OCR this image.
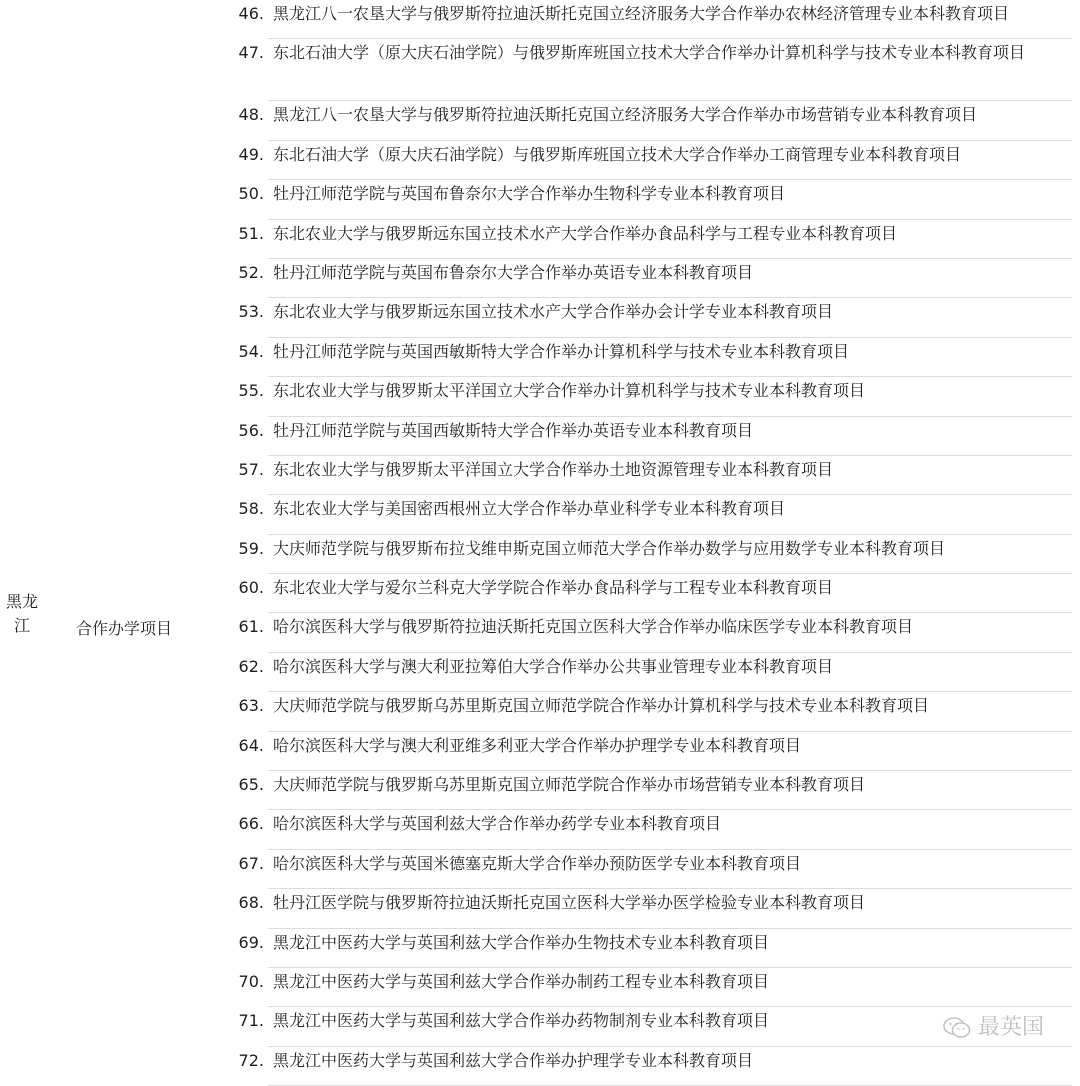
黑龙江	合作办学项目
46. 黑龙江八一农垦大学与俄罗斯符拉迪沃斯托克国立经济服务大学合作举办农林经济管理专业本科教育项目
47. 东北石油大学（原大庆石油学院）与俄罗斯库班国立技术大学合作举办计算机科学与技术专业本科教育项目
48. 黑龙江八一农垦大学与俄罗斯符拉迪沃斯托克国立经济服务大学合作举办市场营销专业本科教育项目
49. 东北石油大学（原大庆石油学院）与俄罗斯库班国立技术大学合作举办工商管理专业本科教育项目
50. 牡丹江师范学院与英国布鲁奈尔大学合作举办生物科学专业本科教育项目
51. 东北农业大学与俄罗斯远东国立技术水产大学合作举办食品科学与工程专业本科教育项目
52. 牡丹江师范学院与英国布鲁奈尔大学合作举办英语专业本科教育项目
53. 东北农业大学与俄罗斯远东国立技术水产大学合作举办会计学专业本科教育项目
54. 牡丹江师范学院与英国西敏斯特大学合作举办计算机科学与技术专业本科教育项目
55. 东北农业大学与俄罗斯太平洋国立大学合作举办计算机科学与技术专业本科教育项目
56. 牡丹江师范学院与英国西敏斯特大学合作举办英语专业本科教育项目
57. 东北农业大学与俄罗斯太平洋国立大学合作举办土地资源管理专业本科教育项目
58. 东北农业大学与美国密西根州立大学合作举办草业科学专业本科教育项目
59. 大庆师范学院与俄罗斯布拉戈维申斯克国立师范大学合作举办数学与应用数学专业本科教育项目
60. 东北农业大学与爱尔兰科克大学学院合作举办食品科学与工程专业本科教育项目
61. 哈尔滨医科大学与俄罗斯符拉迪沃斯托克国立医科大学合作举办临床医学专业本科教育项目
62. 哈尔滨医科大学与澳大利亚拉筹伯大学合作举办公共事业管理专业本科教育项目
63. 大庆师范学院与俄罗斯乌苏里斯克国立师范学院合作举办计算机科学与技术专业本科教育项目
64. 哈尔滨医科大学与澳大利亚维多利亚大学合作举办护理学专业本科教育项目
65. 大庆师范学院与俄罗斯乌苏里斯克国立师范学院合作举办市场营销专业本科教育项目
66. 哈尔滨医科大学与英国利兹大学合作举办药学专业本科教育项目
67. 哈尔滨医科大学与英国米德塞克斯大学合作举办预防医学专业本科教育项目
68. 牡丹江医学院与俄罗斯符拉迪沃斯托克国立医科大学举办医学检验专业本科教育项目
69. 黑龙江中医药大学与英国利兹大学合作举办生物技术专业本科教育项目
70. 黑龙江中医药大学与英国利兹大学合作举办制药工程专业本科教育项目
71. 黑龙江中医药大学与英国利兹大学合作举办药物制剂专业本科教育项目
72. 黑龙江中医药大学与英国利兹大学合作举办护理学专业本科教育项目
最英国
